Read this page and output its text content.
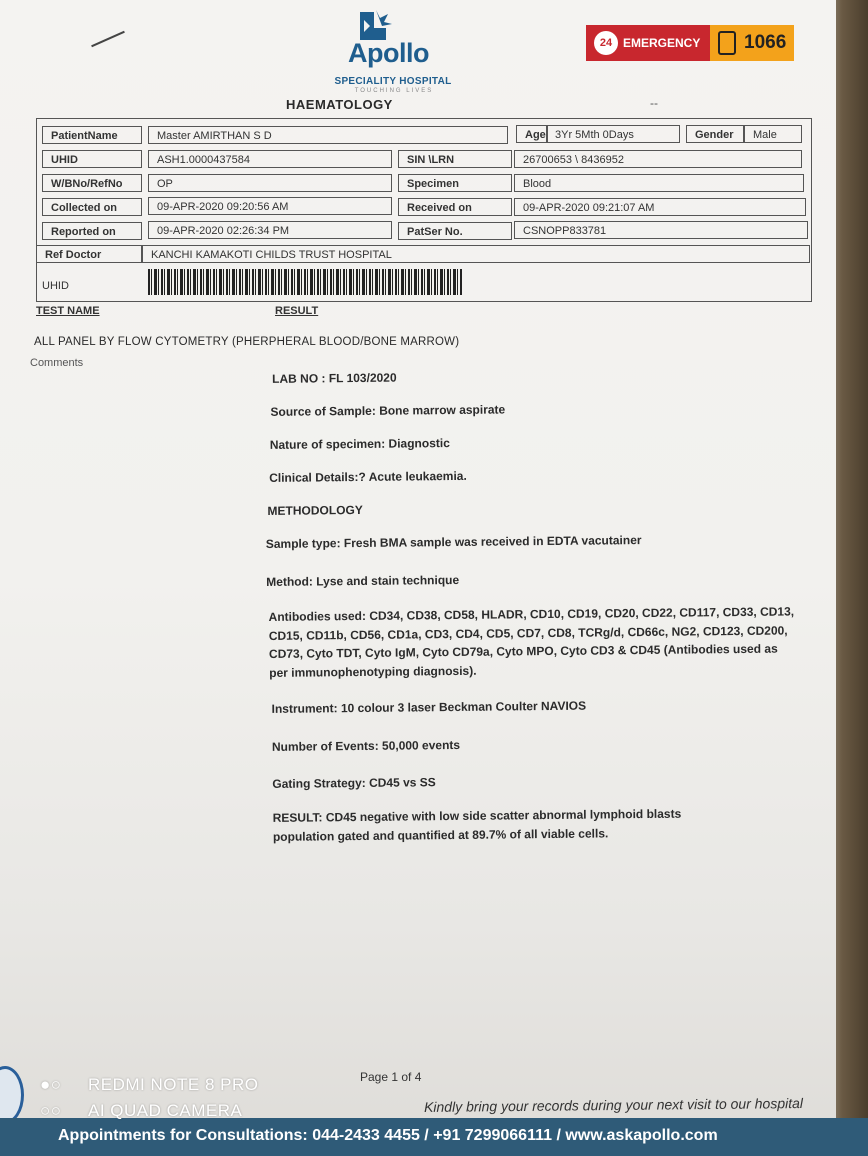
Apollo
SPECIALITY HOSPITAL
TOUCHING LIVES
24 EMERGENCY 1066
HAEMATOLOGY	--
PatientName	Master AMIRTHAN S D	Age 3Yr 5Mth 0Days	Gender	Male
UHID	ASH1.0000437584	SIN \LRN	26700653 \ 8436952
W/BNo/RefNo	OP	Specimen	Blood
Collected on	09-APR-2020 09:20:56 AM	Received on	09-APR-2020 09:21:07 AM
Reported on	09-APR-2020 02:26:34 PM	PatSer No.	CSNOPP833781
Ref Doctor	KANCHI KAMAKOTI CHILDS TRUST HOSPITAL
UHID
TEST NAME	RESULT
ALL PANEL BY FLOW CYTOMETRY (PHERPHERAL BLOOD/BONE MARROW)
Comments
LAB NO : FL 103/2020
Source of Sample: Bone marrow aspirate
Nature of specimen: Diagnostic
Clinical Details:? Acute leukaemia.
METHODOLOGY
Sample type: Fresh BMA sample was received in EDTA vacutainer
Method: Lyse and stain technique
Antibodies used: CD34, CD38, CD58, HLADR, CD10, CD19, CD20, CD22, CD117, CD33, CD13, CD15, CD11b, CD56, CD1a, CD3, CD4, CD5, CD7, CD8, TCRg/d, CD66c, NG2, CD123, CD200, CD73, Cyto TDT, Cyto IgM, Cyto CD79a, Cyto MPO, Cyto CD3 & CD45 (Antibodies used as per immunophenotyping diagnosis).
Instrument: 10 colour 3 laser Beckman Coulter NAVIOS
Number of Events: 50,000 events
Gating Strategy: CD45 vs SS
RESULT: CD45 negative with low side scatter abnormal lymphoid blasts population gated and quantified at 89.7% of all viable cells.
Page 1 of 4
Kindly bring your records during your next visit to our hospital
Appointments for Consultations: 044-2433 4455 / +91 7299066111 / www.askapollo.com
●○ REDMI NOTE 8 PRO
○○ AI QUAD CAMERA
